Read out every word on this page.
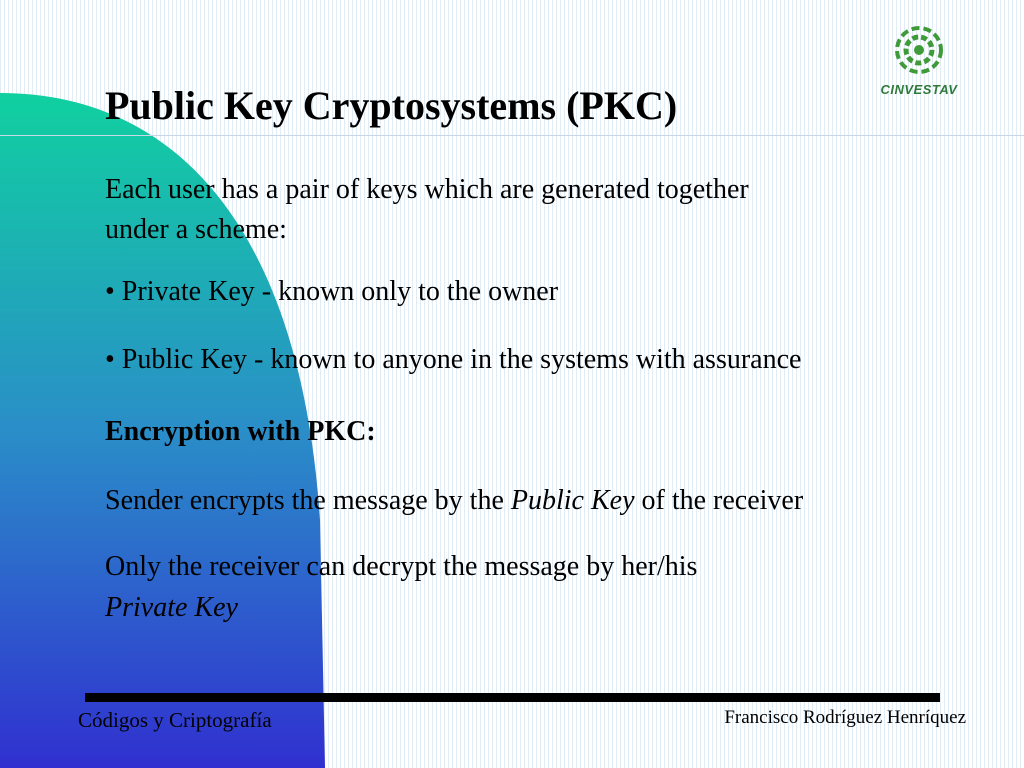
CINVESTAV
Public Key Cryptosystems (PKC)
Each user has a pair of keys which are generated together
under a scheme:
• Private Key - known only to the owner
• Public Key - known to anyone in the systems with assurance
Encryption with PKC:
Sender encrypts the message by the Public Key of the receiver
Only the receiver can decrypt the message by her/his
Private Key
Códigos y Criptografía	Francisco Rodríguez Henríquez
